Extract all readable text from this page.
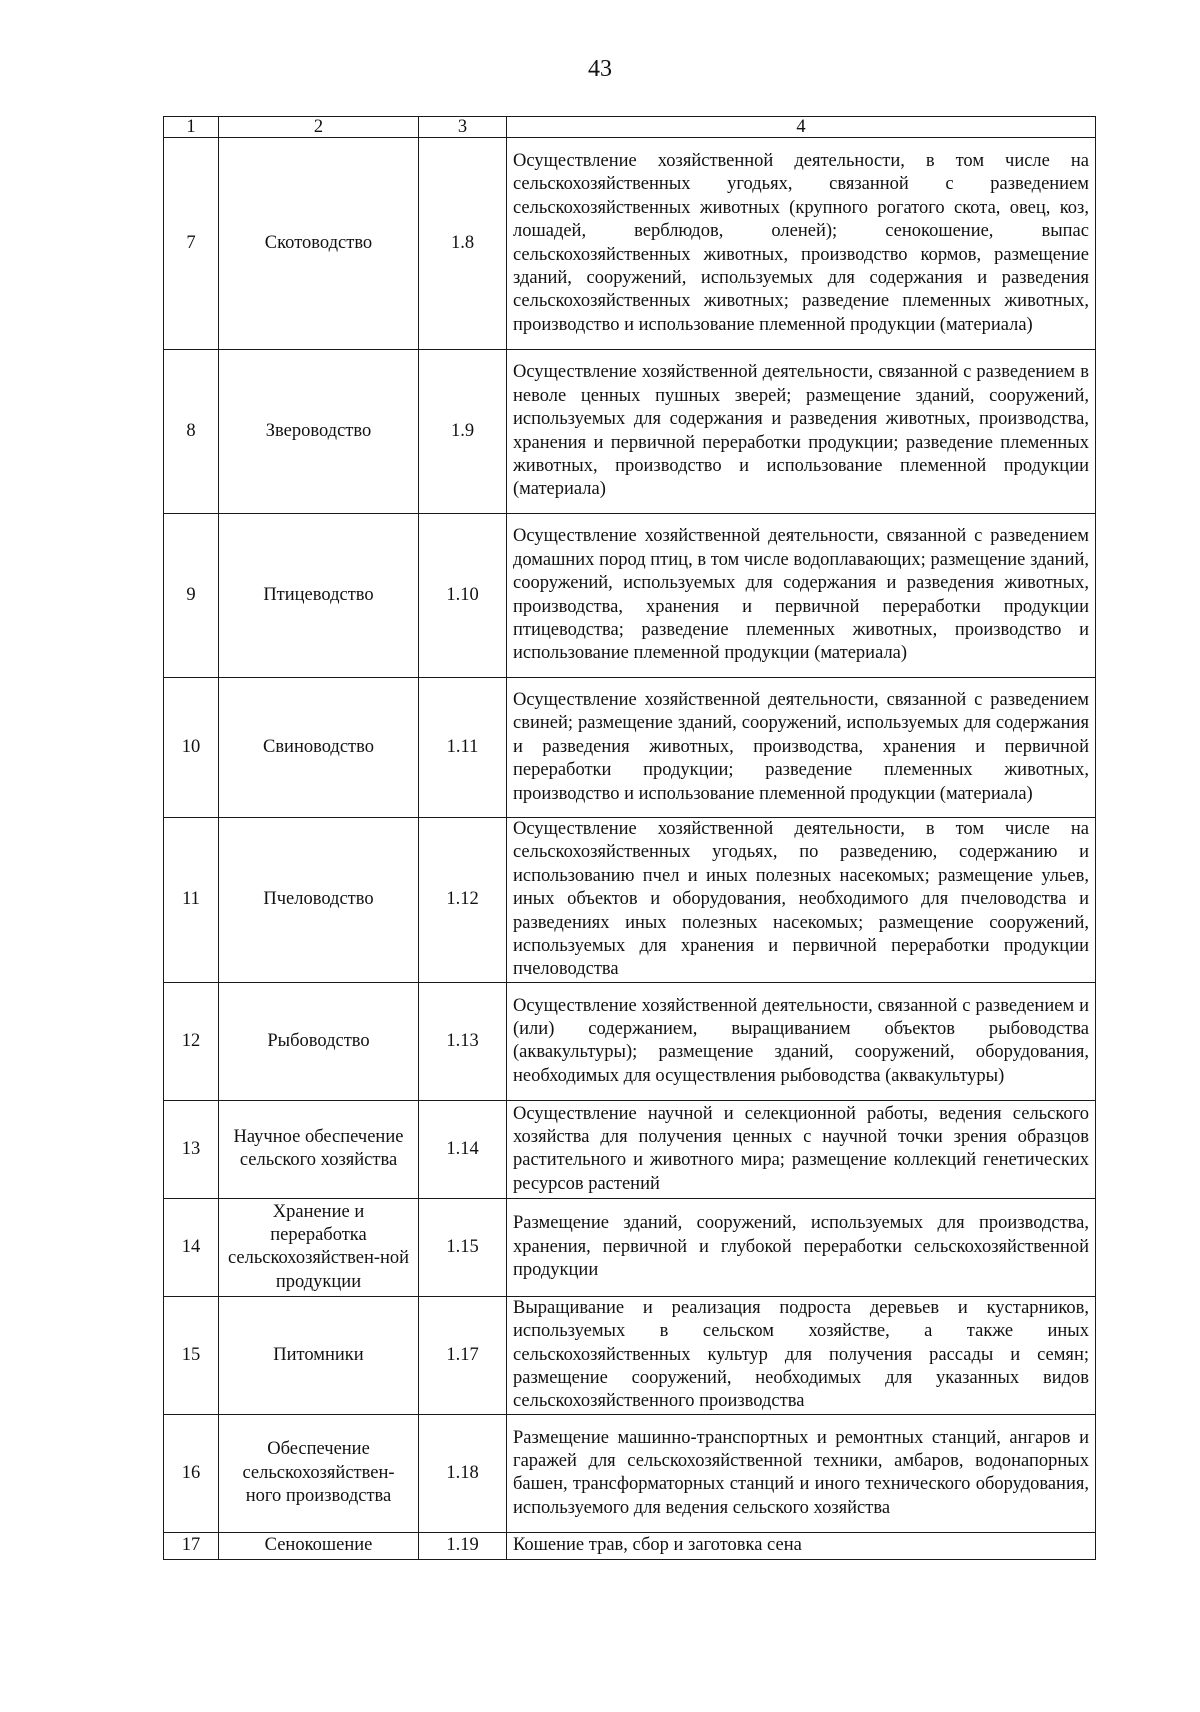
43
1	2	3	4
7	Скотоводство	1.8	Осуществление хозяйственной деятельности, в том числе на сельскохозяйственных угодьях, связанной с разведением сельскохозяйственных животных (крупного рогатого скота, овец, коз, лошадей, верблюдов, оленей); сенокошение, выпас сельскохозяйственных животных, производство кормов, размещение зданий, сооружений, используемых для содержания и разведения сельскохозяйственных животных; разведение племенных животных, производство и использование племенной продукции (материала)
8	Звероводство	1.9	Осуществление хозяйственной деятельности, связанной с разведением в неволе ценных пушных зверей; размещение зданий, сооружений, используемых для содержания и разведения животных, производства, хранения и первичной переработки продукции; разведение племенных животных, производство и использование племенной продукции (материала)
9	Птицеводство	1.10	Осуществление хозяйственной деятельности, связанной с разведением домашних пород птиц, в том числе водоплавающих; размещение зданий, сооружений, используемых для содержания и разведения животных, производства, хранения и первичной переработки продукции птицеводства; разведение племенных животных, производство и использование племенной продукции (материала)
10	Свиноводство	1.11	Осуществление хозяйственной деятельности, связанной с разведением свиней; размещение зданий, сооружений, используемых для содержания и разведения животных, производства, хранения и первичной переработки продукции; разведение племенных животных, производство и использование племенной продукции (материала)
11	Пчеловодство	1.12	Осуществление хозяйственной деятельности, в том числе на сельскохозяйственных угодьях, по разведению, содержанию и использованию пчел и иных полезных насекомых; размещение ульев, иных объектов и оборудования, необходимого для пчеловодства и разведениях иных полезных насекомых; размещение сооружений, используемых для хранения и первичной переработки продукции пчеловодства
12	Рыбоводство	1.13	Осуществление хозяйственной деятельности, связанной с разведением и (или) содержанием, выращиванием объектов рыбоводства (аквакультуры); размещение зданий, сооружений, оборудования, необходимых для осуществления рыбоводства (аквакультуры)
13	Научное обеспечение сельского хозяйства	1.14	Осуществление научной и селекционной работы, ведения сельского хозяйства для получения ценных с научной точки зрения образцов растительного и животного мира; размещение коллекций генетических ресурсов растений
14	Хранение и переработка сельскохозяйствен-ной продукции	1.15	Размещение зданий, сооружений, используемых для производства, хранения, первичной и глубокой переработки сельскохозяйственной продукции
15	Питомники	1.17	Выращивание и реализация подроста деревьев и кустарников, используемых в сельском хозяйстве, а также иных сельскохозяйственных культур для получения рассады и семян; размещение сооружений, необходимых для указанных видов сельскохозяйственного производства
16	Обеспечение сельскохозяйствен-ного производства	1.18	Размещение машинно-транспортных и ремонтных станций, ангаров и гаражей для сельскохозяйственной техники, амбаров, водонапорных башен, трансформаторных станций и иного технического оборудования, используемого для ведения сельского хозяйства
17	Сенокошение	1.19	Кошение трав, сбор и заготовка сена
